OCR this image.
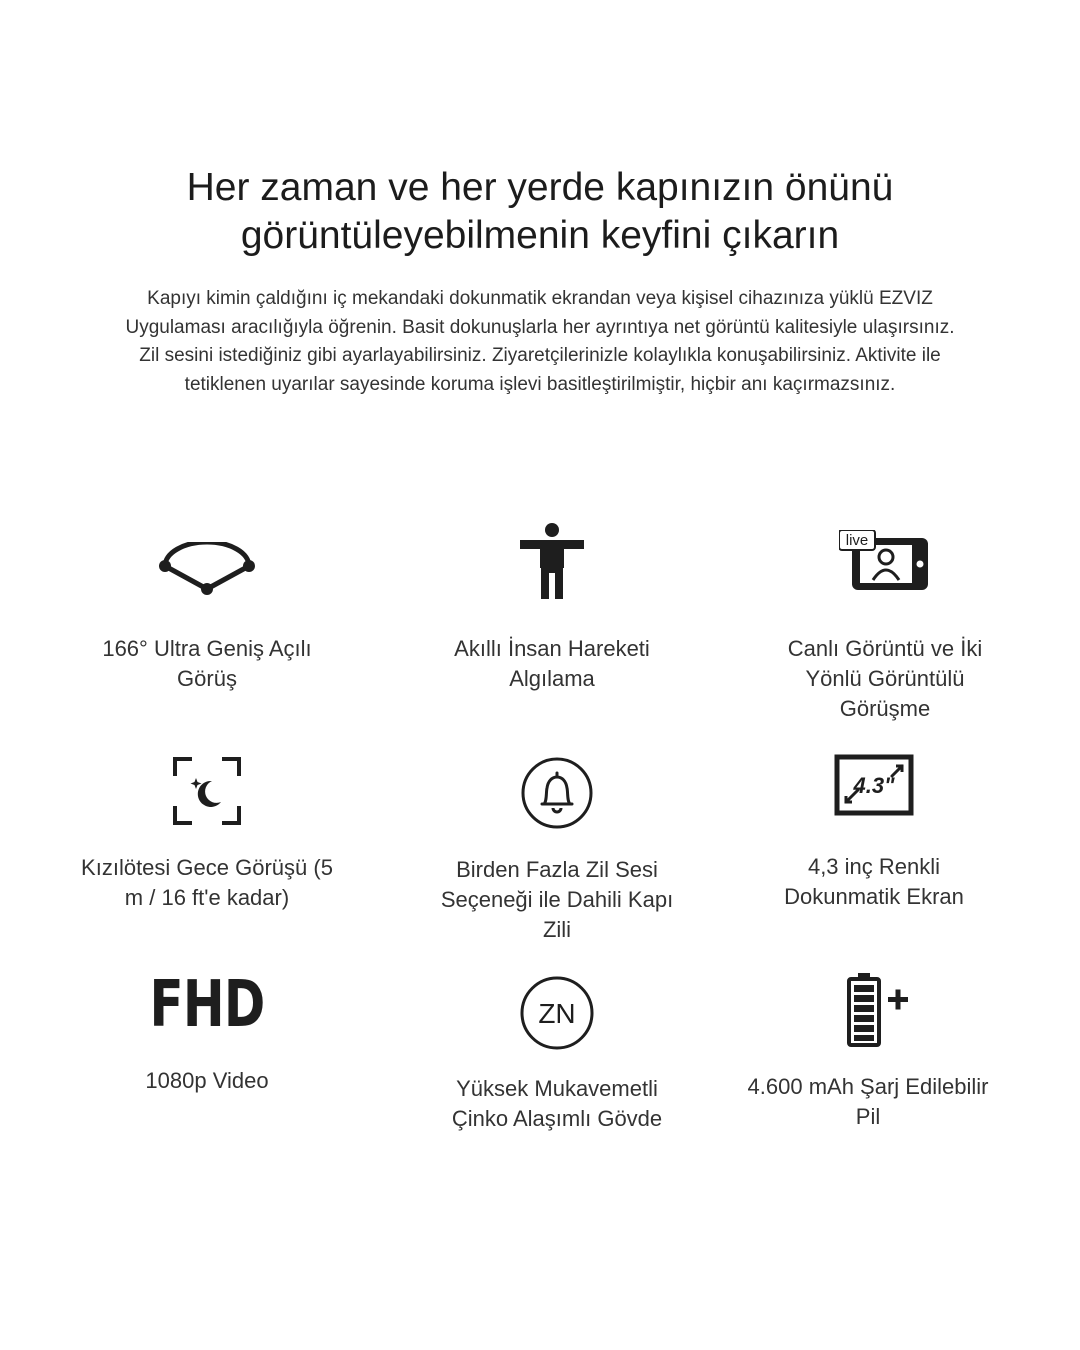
Her zaman ve her yerde kapınızın önünü
görüntüleyebilmenin keyfini çıkarın
Kapıyı kimin çaldığını iç mekandaki dokunmatik ekrandan veya kişisel cihazınıza yüklü EZVIZ
Uygulaması aracılığıyla öğrenin. Basit dokunuşlarla her ayrıntıya net görüntü kalitesiyle ulaşırsınız.
Zil sesini istediğiniz gibi ayarlayabilirsiniz. Ziyaretçilerinizle kolaylıkla konuşabilirsiniz. Aktivite ile
tetiklenen uyarılar sayesinde koruma işlevi basitleştirilmiştir, hiçbir anı kaçırmazsınız.
166° Ultra Geniş Açılı
Görüş
Akıllı İnsan Hareketi
Algılama
live
Canlı Görüntü ve İki
Yönlü Görüntülü
Görüşme
Kızılötesi Gece Görüşü (5
m / 16 ft'e kadar)
Birden Fazla Zil Sesi
Seçeneği ile Dahili Kapı
Zili
4.3"
4,3 inç Renkli
Dokunmatik Ekran
FHD
1080p Video
ZN
Yüksek Mukavemetli
Çinko Alaşımlı Gövde
4.600 mAh Şarj Edilebilir
Pil
